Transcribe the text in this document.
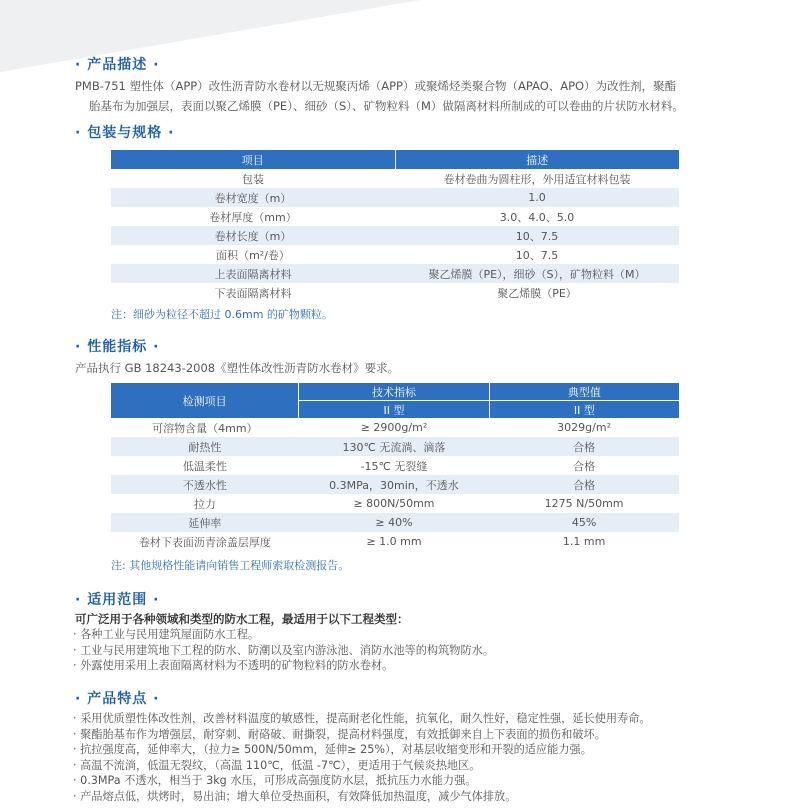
· 产品描述 ·
PMB-751 塑性体（APP）改性沥青防水卷材以无规聚丙烯（APP）或聚烯烃类聚合物（APAO、APO）为改性剂，聚酯
胎基布为加强层，表面以聚乙烯膜（PE）、细砂（S）、矿物粒料（M）做隔离材料所制成的可以卷曲的片状防水材料。
· 包装与规格 ·
项目	描述
包装	卷材卷曲为圆柱形，外用适宜材料包装
卷材宽度（m）	1.0
卷材厚度（mm）	3.0、4.0、5.0
卷材长度（m）	10、7.5
面积（m²/卷）	10、7.5
上表面隔离材料	聚乙烯膜（PE），细砂（S），矿物粒料（M）
下表面隔离材料	聚乙烯膜（PE）
注：细砂为粒径不超过 0.6mm 的矿物颗粒。
· 性能指标 ·
产品执行 GB 18243-2008《塑性体改性沥青防水卷材》要求。
检测项目	技术指标	典型值
	II 型	II 型
可溶物含量（4mm）	≥ 2900g/m²	3029g/m²
耐热性	130℃ 无流淌、滴落	合格
低温柔性	-15℃ 无裂缝	合格
不透水性	0.3MPa，30min，不透水	合格
拉力	≥ 800N/50mm	1275 N/50mm
延伸率	≥ 40%	45%
卷材下表面沥青涂盖层厚度	≥ 1.0 mm	1.1 mm
注: 其他规格性能请向销售工程师索取检测报告。
· 适用范围 ·
可广泛用于各种领域和类型的防水工程，最适用于以下工程类型：
· 各种工业与民用建筑屋面防水工程。
· 工业与民用建筑地下工程的防水、防潮以及室内游泳池、消防水池等的构筑物防水。
· 外露使用采用上表面隔离材料为不透明的矿物粒料的防水卷材。
· 产品特点 ·
· 采用优质塑性体改性剂，改善材料温度的敏感性，提高耐老化性能，抗氧化，耐久性好，稳定性强，延长使用寿命。
· 聚酯胎基布作为增强层，耐穿刺、耐硌破、耐撕裂，提高材料强度，有效抵御来自上下表面的损伤和破坏。
· 抗拉强度高，延伸率大，（拉力≥ 500N/50mm，延伸≥ 25%），对基层收缩变形和开裂的适应能力强。
· 高温不流淌，低温无裂纹，（高温 110℃，低温 -7℃），更适用于气候炎热地区。
· 0.3MPa 不透水，相当于 3kg 水压，可形成高强度防水层，抵抗压力水能力强。
· 产品熔点低，烘烤时，易出油；增大单位受热面积，有效降低加热温度，减少气体排放。
